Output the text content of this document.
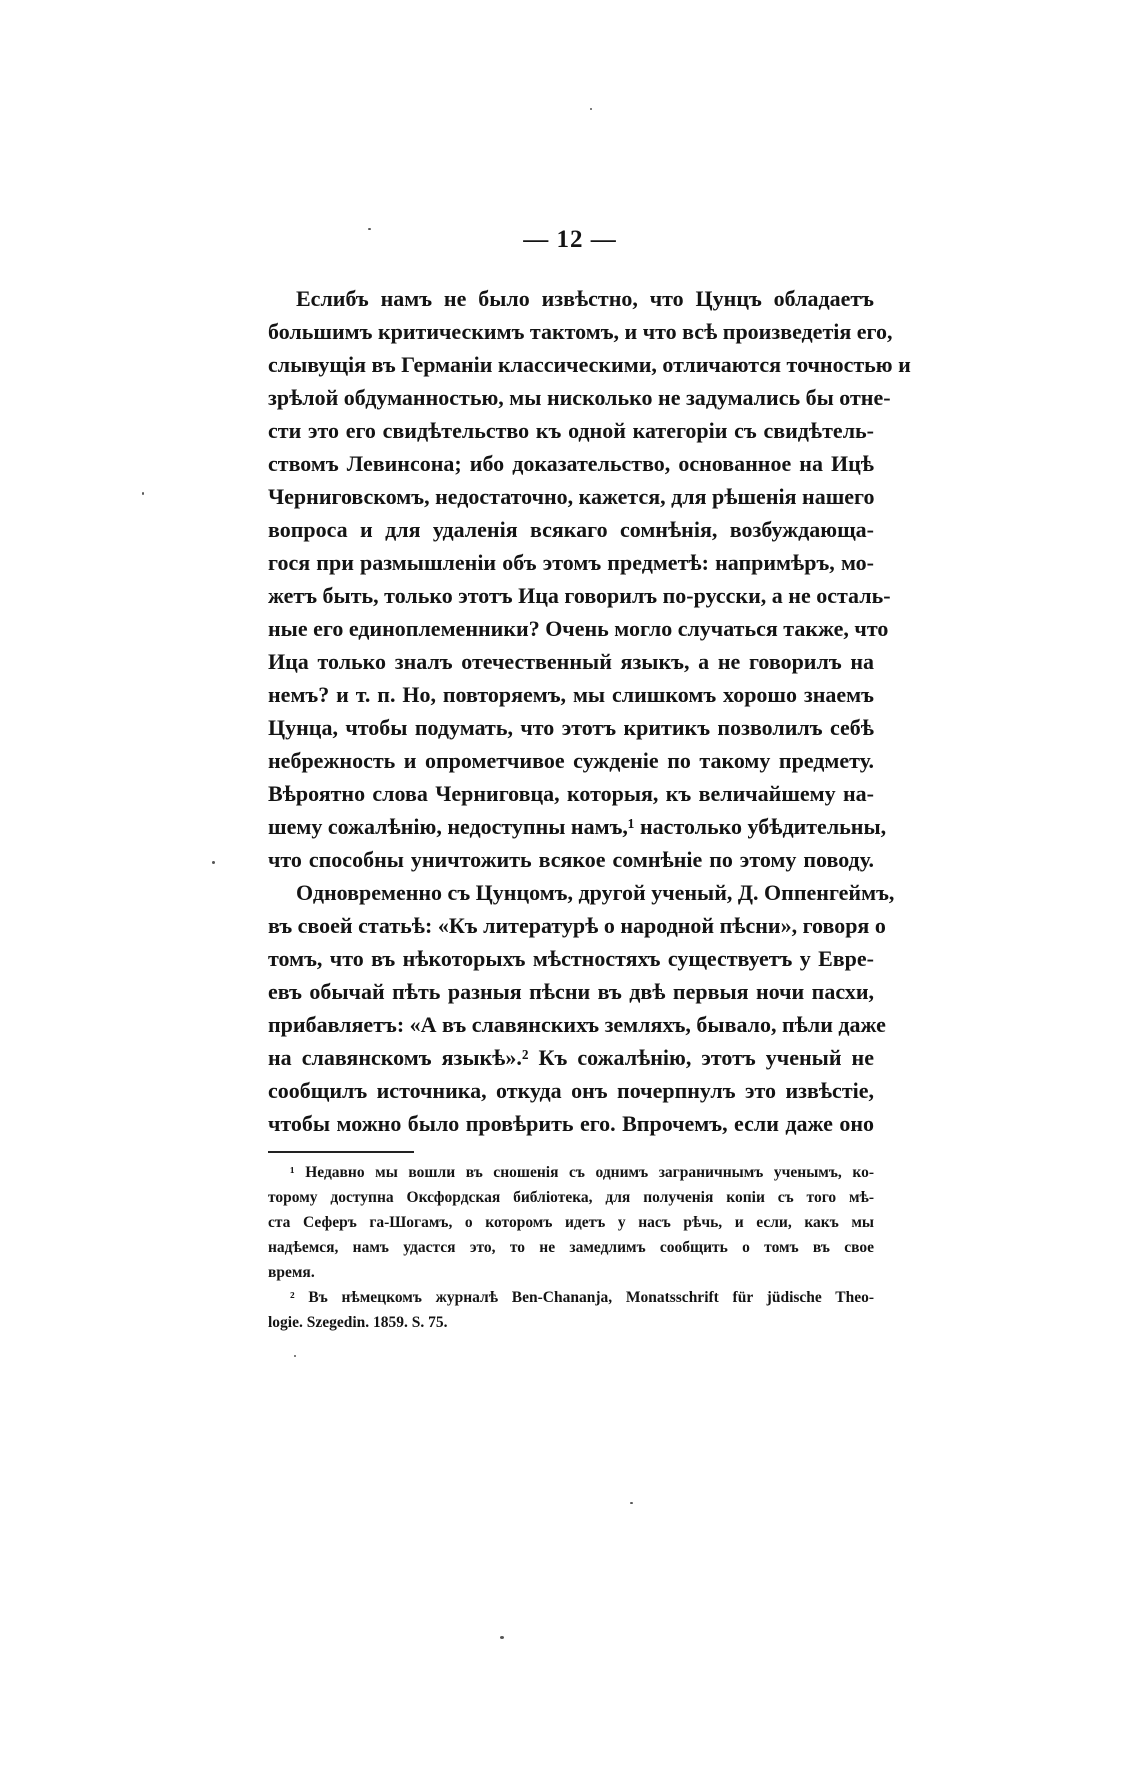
— 12 —
Еслибъ намъ не было извѣстно, что Цунцъ обладаетъ
большимъ критическимъ тактомъ, и что всѣ произведетія его,
слывущія въ Германіи классическими, отличаются точностью и
зрѣлой обдуманностью, мы нисколько не задумались бы отне-
сти это его свидѣтельство къ одной категоріи съ свидѣтель-
ствомъ Левинсона; ибо доказательство, основанное на Ицѣ
Черниговскомъ, недостаточно, кажется, для рѣшенія нашего
вопроса и для удаленія всякаго сомнѣнія, возбуждающа-
гося при размышленіи объ этомъ предметѣ: напримѣръ, мо-
жетъ быть, только этотъ Ица говорилъ по-русски, а не осталь-
ные его единоплеменники? Очень могло случаться также, что
Ица только зналъ отечественный языкъ, а не говорилъ на
немъ? и т. п. Но, повторяемъ, мы слишкомъ хорошо знаемъ
Цунца, чтобы подумать, что этотъ критикъ позволилъ себѣ
небрежность и опрометчивое сужденіе по такому предмету.
Вѣроятно слова Черниговца, которыя, къ величайшему на-
шему сожалѣнію, недоступны намъ,¹ настолько убѣдительны,
что способны уничтожить всякое сомнѣніе по этому поводу.
Одновременно съ Цунцомъ, другой ученый, Д. Оппенгеймъ,
въ своей статьѣ: «Къ литературѣ о народной пѣсни», говоря о
томъ, что въ нѣкоторыхъ мѣстностяхъ существуетъ у Евре-
евъ обычай пѣть разныя пѣсни въ двѣ первыя ночи пасхи,
прибавляетъ: «А въ славянскихъ земляхъ, бывало, пѣли даже
на славянскомъ языкѣ».² Къ сожалѣнію, этотъ ученый не
сообщилъ источника, откуда онъ почерпнулъ это извѣстіе,
чтобы можно было провѣрить его. Впрочемъ, если даже оно
¹ Недавно мы вошли въ сношенія съ однимъ заграничнымъ ученымъ, ко-
торому доступна Оксфордская библіотека, для полученія копіи съ того мѣ-
ста Сеферъ га-Шогамъ, о которомъ идетъ у насъ рѣчь, и если, какъ мы
надѣемся, намъ удастся это, то не замедлимъ сообщить о томъ въ свое
время.
² Въ нѣмецкомъ журналѣ Ben-Chananja, Monatsschrift für jüdische Theo-
logie. Szegedin. 1859. S. 75.
